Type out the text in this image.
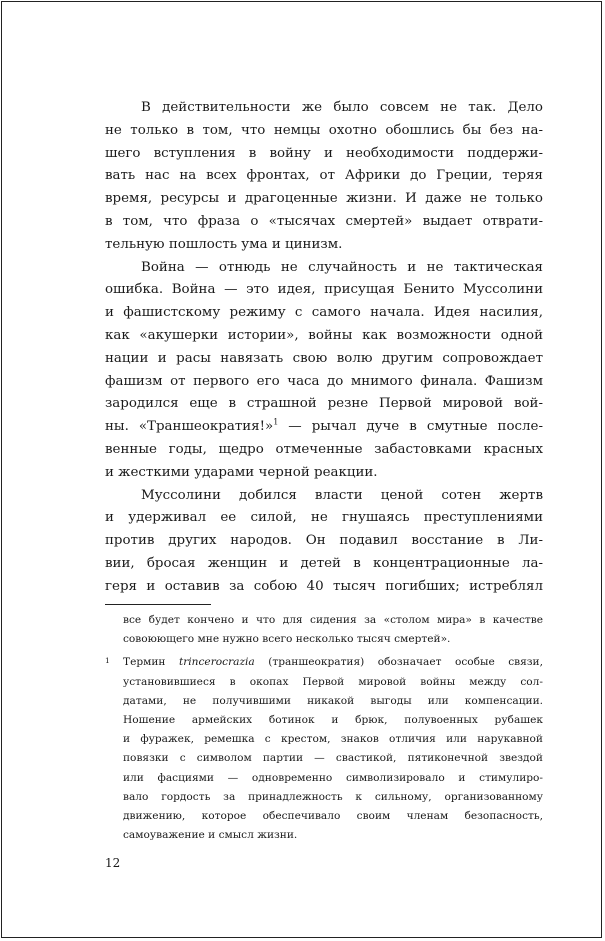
В действительности же было совсем не так. Дело
не только в том, что немцы охотно обошлись бы без на-
шего вступления в войну и необходимости поддержи-
вать нас на всех фронтах, от Африки до Греции, теряя
время, ресурсы и драгоценные жизни. И даже не только
в том, что фраза о «тысячах смертей» выдает отврати-
тельную пошлость ума и цинизм.
Война — отнюдь не случайность и не тактическая
ошибка. Война — это идея, присущая Бенито Муссолини
и фашистскому режиму с самого начала. Идея насилия,
как «акушерки истории», войны как возможности одной
нации и расы навязать свою волю другим сопровождает
фашизм от первого его часа до мнимого финала. Фашизм
зародился еще в страшной резне Первой мировой вой-
ны. «Траншеократия!»$^1$ — рычал дуче в смутные после-
венные годы, щедро отмеченные забастовками красных
и жесткими ударами черной реакции.
Муссолини добился власти ценой сотен жертв
и удерживал ее силой, не гнушаясь преступлениями
против других народов. Он подавил восстание в Ли-
вии, бросая женщин и детей в концентрационные ла-
геря и оставив за собою 40 тысяч погибших; истреблял
все будет кончено и что для сидения за «столом мира» в качестве
совоюющего мне нужно всего несколько тысяч смертей».
1 Термин trincerocrazia (траншеократия) обозначает особые связи,
установившиеся в окопах Первой мировой войны между сол-
датами, не получившими никакой выгоды или компенсации.
Ношение армейских ботинок и брюк, полувоенных рубашек
и фуражек, ремешка с крестом, знаков отличия или нарукавной
повязки с символом партии — свастикой, пятиконечной звездой
или фасциями — одновременно символизировало и стимулиро-
вало гордость за принадлежность к сильному, организованному
движению, которое обеспечивало своим членам безопасность,
самоуважение и смысл жизни.
12
